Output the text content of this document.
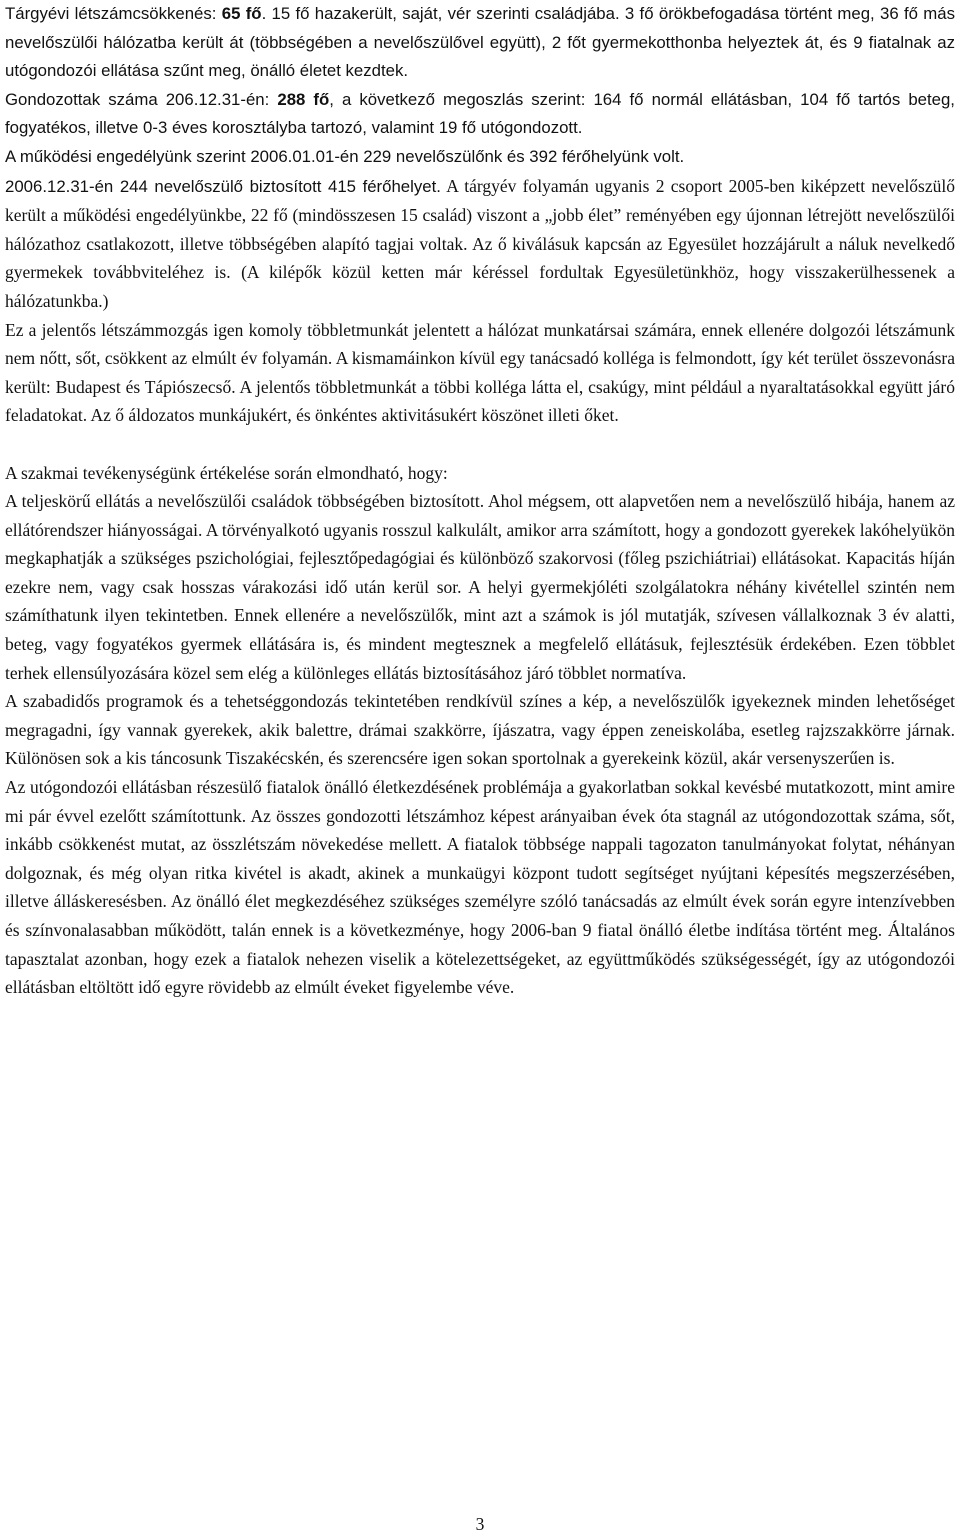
Tárgyévi létszámcsökkenés: 65 fő. 15 fő hazakerült, saját, vér szerinti családjába. 3 fő örökbefogadása történt meg, 36 fő más nevelőszülői hálózatba került át (többségében a nevelőszülővel együtt), 2 főt gyermekotthonba helyeztek át, és 9 fiatalnak az utógondozói ellátása szűnt meg, önálló életet kezdtek.

Gondozottak száma 206.12.31-én: 288 fő, a következő megoszlás szerint: 164 fő normál ellátásban, 104 fő tartós beteg, fogyatékos, illetve 0-3 éves korosztályba tartozó, valamint 19 fő utógondozott.

A működési engedélyünk szerint 2006.01.01-én 229 nevelőszülőnk és 392 férőhelyünk volt.

2006.12.31-én 244 nevelőszülő biztosított 415 férőhelyet. A tárgyév folyamán ugyanis 2 csoport 2005-ben kiképzett nevelőszülő került a működési engedélyünkbe, 22 fő (mindösszesen 15 család) viszont a „jobb élet” reményében egy újonnan létrejött nevelőszülői hálózathoz csatlakozott, illetve többségében alapító tagjai voltak. Az ő kiválásuk kapcsán az Egyesület hozzájárult a náluk nevelkedő gyermekek továbbviteléhez is. (A kilépők közül ketten már kéréssel fordultak Egyesületünkhöz, hogy visszakerülhessenek a hálózatunkba.)

Ez a jelentős létszámmozgás igen komoly többletmunkát jelentett a hálózat munkatársai számára, ennek ellenére dolgozói létszámunk nem nőtt, sőt, csökkent az elmúlt év folyamán. A kismamáinkon kívül egy tanácsadó kolléga is felmondott, így két terület összevonásra került: Budapest és Tápiószecső. A jelentős többletmunkát a többi kolléga látta el, csakúgy, mint például a nyaraltatásokkal együtt járó feladatokat. Az ő áldozatos munkájukért, és önkéntes aktivitásukért köszönet illeti őket.

A szakmai tevékenységünk értékelése során elmondható, hogy:

A teljeskörű ellátás a nevelőszülői családok többségében biztosított. Ahol mégsem, ott alapvetően nem a nevelőszülő hibája, hanem az ellátórendszer hiányosságai. A törvényalkotó ugyanis rosszul kalkulált, amikor arra számított, hogy a gondozott gyerekek lakóhelyükön megkaphatják a szükséges pszichológiai, fejlesztőpedagógiai és különböző szakorvosi (főleg pszichiátriai) ellátásokat. Kapacitás híján ezekre nem, vagy csak hosszas várakozási idő után kerül sor. A helyi gyermekjóléti szolgálatokra néhány kivétellel szintén nem számíthatunk ilyen tekintetben. Ennek ellenére a nevelőszülők, mint azt a számok is jól mutatják, szívesen vállalkoznak 3 év alatti, beteg, vagy fogyatékos gyermek ellátására is, és mindent megtesznek a megfelelő ellátásuk, fejlesztésük érdekében. Ezen többlet terhek ellensúlyozására közel sem elég a különleges ellátás biztosításához járó többlet normatíva.

A szabadidős programok és a tehetséggondozás tekintetében rendkívül színes a kép, a nevelőszülők igyekeznek minden lehetőséget megragadni, így vannak gyerekek, akik balettre, drámai szakkörre, íjászatra, vagy éppen zeneiskolába, esetleg rajzszakkörre járnak. Különösen sok a kis táncosunk Tiszakécskén, és szerencsére igen sokan sportolnak a gyerekeink közül, akár versenyszerűen is.

Az utógondozói ellátásban részesülő fiatalok önálló életkezdésének problémája a gyakorlatban sokkal kevésbé mutatkozott, mint amire mi pár évvel ezelőtt számítottunk. Az összes gondozotti létszámhoz képest arányaiban évek óta stagnál az utógondozottak száma, sőt, inkább csökkenést mutat, az összlétszám növekedése mellett. A fiatalok többsége nappali tagozaton tanulmányokat folytat, néhányan dolgoznak, és még olyan ritka kivétel is akadt, akinek a munkaügyi központ tudott segítséget nyújtani képesítés megszerzésében, illetve álláskeresésben. Az önálló élet megkezdéséhez szükséges személyre szóló tanácsadás az elmúlt évek során egyre intenzívebben és színvonalasabban működött, talán ennek is a következménye, hogy 2006-ban 9 fiatal önálló életbe indítása történt meg. Általános tapasztalat azonban, hogy ezek a fiatalok nehezen viselik a kötelezettségeket, az együttműködés szükségességét, így az utógondozói ellátásban eltöltött idő egyre rövidebb az elmúlt éveket figyelembe véve.

3
